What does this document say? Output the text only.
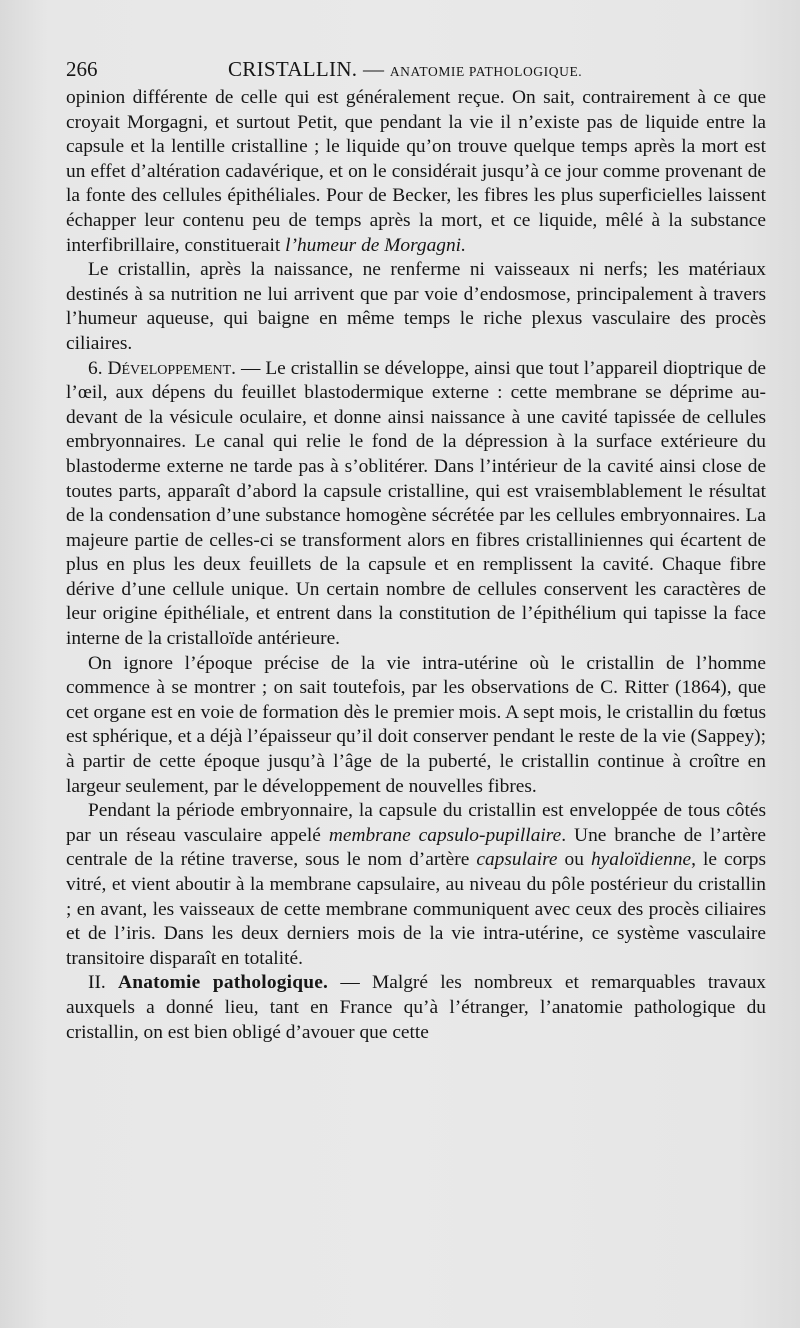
266	CRISTALLIN. — ANATOMIE PATHOLOGIQUE.

opinion différente de celle qui est généralement reçue. On sait, contrairement à ce que croyait Morgagni, et surtout Petit, que pendant la vie il n’existe pas de liquide entre la capsule et la lentille cristalline ; le liquide qu’on trouve quelque temps après la mort est un effet d’altération cadavérique, et on le considérait jusqu’à ce jour comme provenant de la fonte des cellules épithéliales. Pour de Becker, les fibres les plus superficielles laissent échapper leur contenu peu de temps après la mort, et ce liquide, mêlé à la substance interfibrillaire, constituerait l’humeur de Morgagni.

Le cristallin, après la naissance, ne renferme ni vaisseaux ni nerfs; les matériaux destinés à sa nutrition ne lui arrivent que par voie d’endosmose, principalement à travers l’humeur aqueuse, qui baigne en même temps le riche plexus vasculaire des procès ciliaires.

6. Développement. — Le cristallin se développe, ainsi que tout l’appareil dioptrique de l’œil, aux dépens du feuillet blastodermique externe : cette membrane se déprime au-devant de la vésicule oculaire, et donne ainsi naissance à une cavité tapissée de cellules embryonnaires. Le canal qui relie le fond de la dépression à la surface extérieure du blastoderme externe ne tarde pas à s’oblitérer. Dans l’intérieur de la cavité ainsi close de toutes parts, apparaît d’abord la capsule cristalline, qui est vraisemblablement le résultat de la condensation d’une substance homogène sécrétée par les cellules embryonnaires. La majeure partie de celles-ci se transforment alors en fibres cristalliniennes qui écartent de plus en plus les deux feuillets de la capsule et en remplissent la cavité. Chaque fibre dérive d’une cellule unique. Un certain nombre de cellules conservent les caractères de leur origine épithéliale, et entrent dans la constitution de l’épithélium qui tapisse la face interne de la cristalloïde antérieure.

On ignore l’époque précise de la vie intra-utérine où le cristallin de l’homme commence à se montrer ; on sait toutefois, par les observations de C. Ritter (1864), que cet organe est en voie de formation dès le premier mois. A sept mois, le cristallin du fœtus est sphérique, et a déjà l’épaisseur qu’il doit conserver pendant le reste de la vie (Sappey); à partir de cette époque jusqu’à l’âge de la puberté, le cristallin continue à croître en largeur seulement, par le développement de nouvelles fibres.

Pendant la période embryonnaire, la capsule du cristallin est enveloppée de tous côtés par un réseau vasculaire appelé membrane capsulo-pupillaire. Une branche de l’artère centrale de la rétine traverse, sous le nom d’artère capsulaire ou hyaloïdienne, le corps vitré, et vient aboutir à la membrane capsulaire, au niveau du pôle postérieur du cristallin ; en avant, les vaisseaux de cette membrane communiquent avec ceux des procès ciliaires et de l’iris. Dans les deux derniers mois de la vie intra-utérine, ce système vasculaire transitoire disparaît en totalité.

II. Anatomie pathologique. — Malgré les nombreux et remarquables travaux auxquels a donné lieu, tant en France qu’à l’étranger, l’anatomie pathologique du cristallin, on est bien obligé d’avouer que cette
